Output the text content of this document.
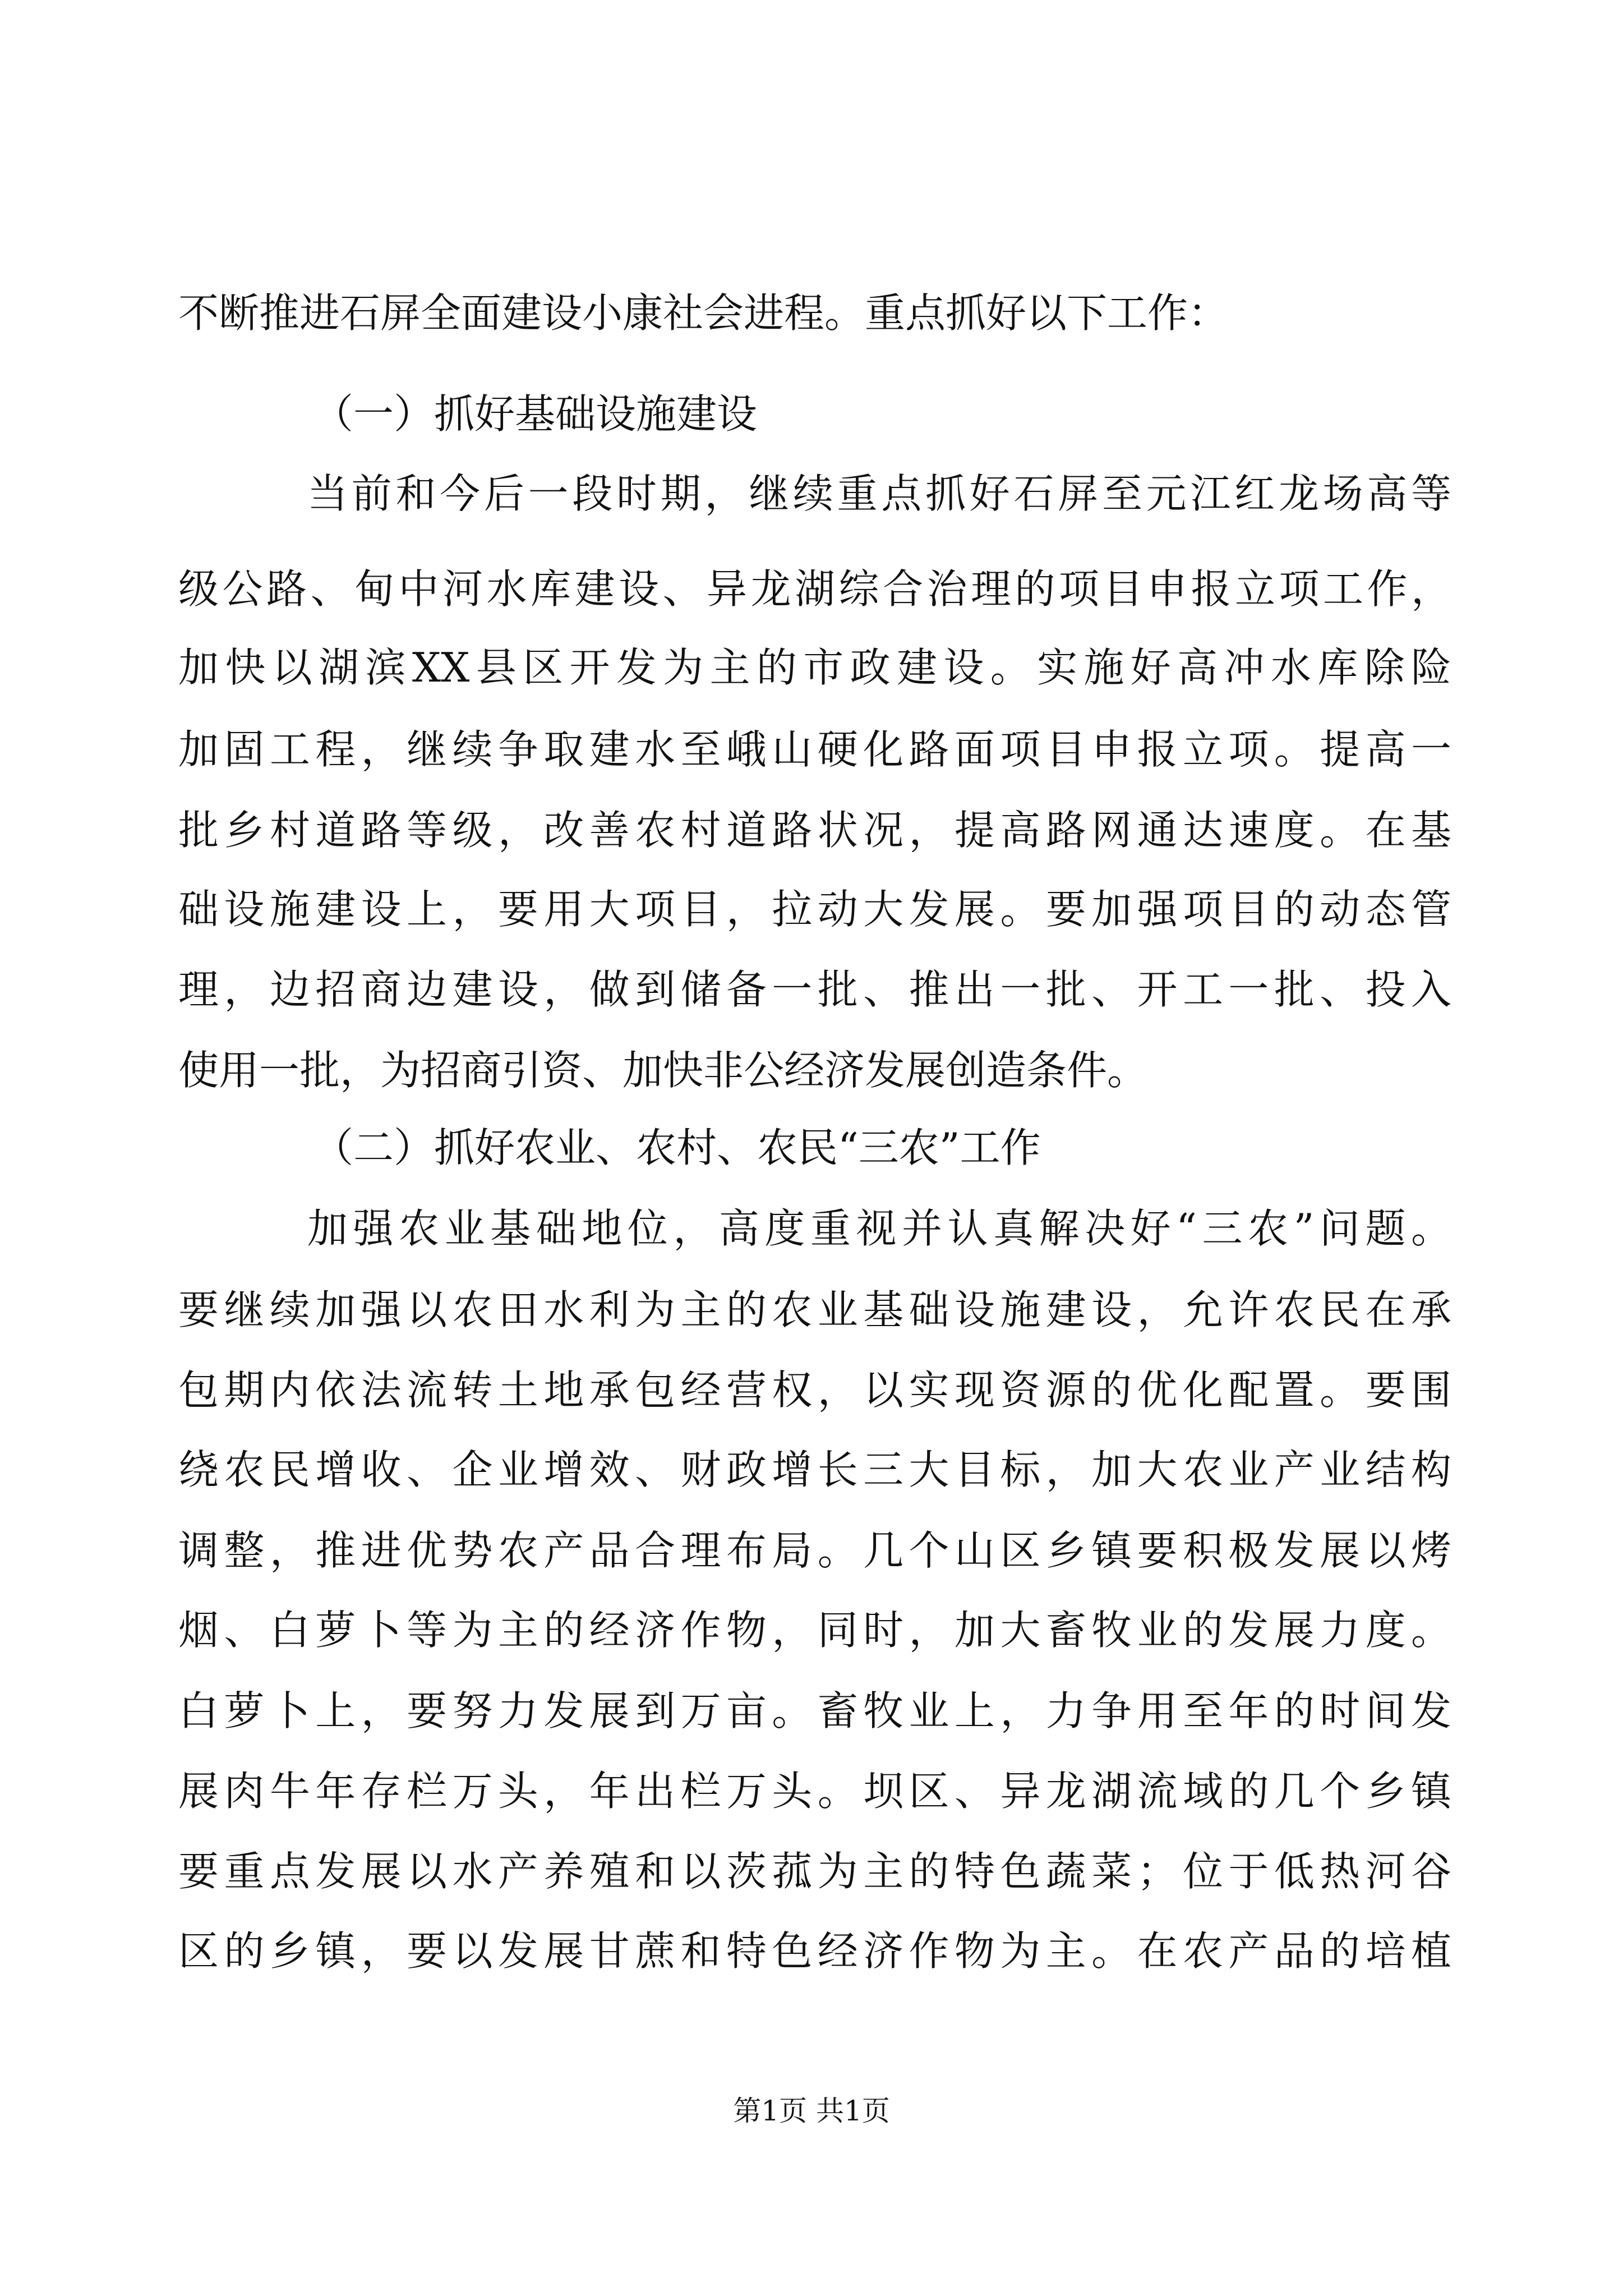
不断推进石屏全面建设小康社会进程。重点抓好以下工作：
（一）抓好基础设施建设
当前和今后一段时期，继续重点抓好石屏至元江红龙场高等
级公路、甸中河水库建设、异龙湖综合治理的项目申报立项工作，
加快以湖滨XX县区开发为主的市政建设。实施好高冲水库除险
加固工程，继续争取建水至峨山硬化路面项目申报立项。提高一
批乡村道路等级，改善农村道路状况，提高路网通达速度。在基
础设施建设上，要用大项目，拉动大发展。要加强项目的动态管
理，边招商边建设，做到储备一批、推出一批、开工一批、投入
使用一批，为招商引资、加快非公经济发展创造条件。
（二）抓好农业、农村、农民“三农”工作
加强农业基础地位，高度重视并认真解决好“三农”问题。
要继续加强以农田水利为主的农业基础设施建设，允许农民在承
包期内依法流转土地承包经营权，以实现资源的优化配置。要围
绕农民增收、企业增效、财政增长三大目标，加大农业产业结构
调整，推进优势农产品合理布局。几个山区乡镇要积极发展以烤
烟、白萝卜等为主的经济作物，同时，加大畜牧业的发展力度。
白萝卜上，要努力发展到万亩。畜牧业上，力争用至年的时间发
展肉牛年存栏万头，年出栏万头。坝区、异龙湖流域的几个乡镇
要重点发展以水产养殖和以茨菰为主的特色蔬菜；位于低热河谷
区的乡镇，要以发展甘蔗和特色经济作物为主。在农产品的培植
第1页 共1页
